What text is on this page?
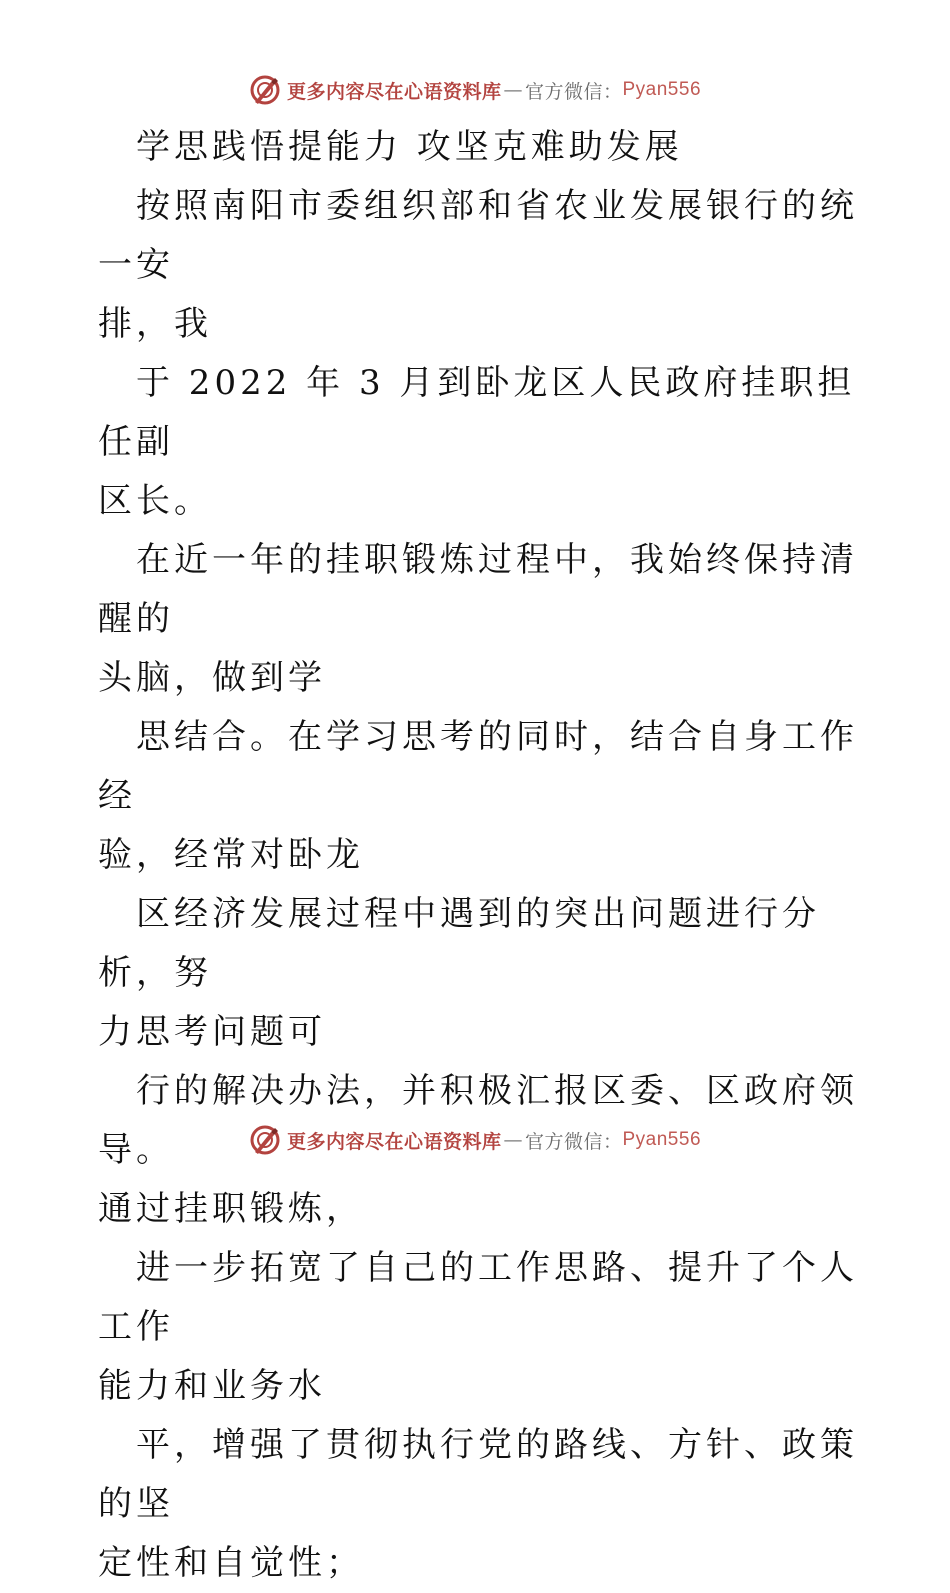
更多内容尽在心语资料库 — 官方微信： Pyan556

学思践悟提能力 攻坚克难助发展

按照南阳市委组织部和省农业发展银行的统一安
排，我

于 2022 年 3 月到卧龙区人民政府挂职担任副
区长。

在近一年的挂职锻炼过程中，我始终保持清醒的
头脑，做到学

思结合。在学习思考的同时，结合自身工作经
验，经常对卧龙

区经济发展过程中遇到的突出问题进行分析，努
力思考问题可

行的解决办法，并积极汇报区委、区政府领导。
通过挂职锻炼，

进一步拓宽了自己的工作思路、提升了个人工作
能力和业务水

平，增强了贯彻执行党的路线、方针、政策的坚
定性和自觉性；

更多内容尽在心语资料库 — 官方微信： Pyan556
